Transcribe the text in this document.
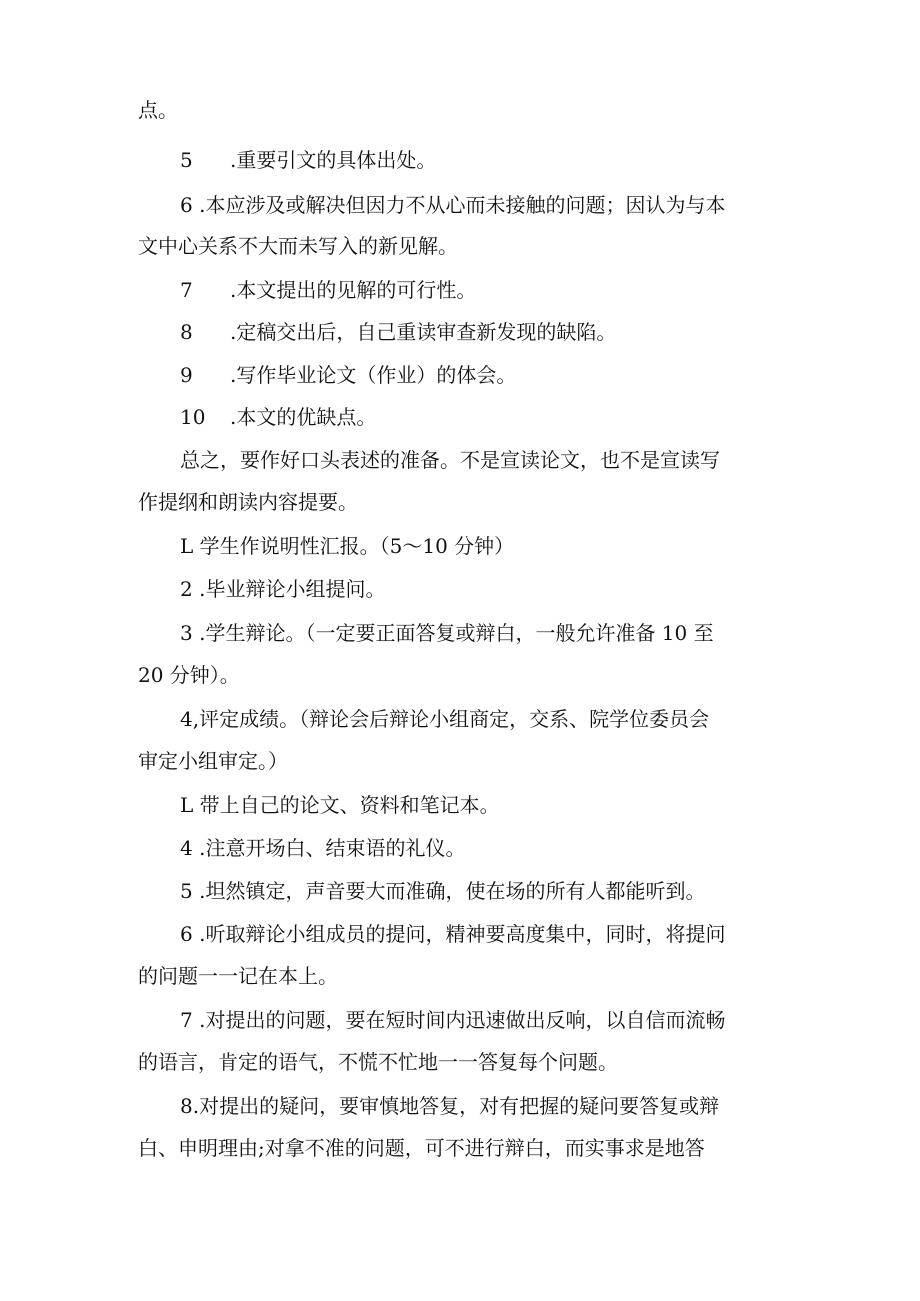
点。
5 .重要引文的具体出处。
6 .本应涉及或解决但因力不从心而未接触的问题；因认为与本
文中心关系不大而未写入的新见解。
7 .本文提出的见解的可行性。
8 .定稿交出后，自己重读审查新发现的缺陷。
9 .写作毕业论文（作业）的体会。
10 .本文的优缺点。
总之，要作好口头表述的准备。不是宣读论文，也不是宣读写
作提纲和朗读内容提要。
L 学生作说明性汇报。（5～10 分钟）
2 .毕业辩论小组提问。
3 .学生辩论。（一定要正面答复或辩白，一般允许准备 10 至
20 分钟）。
4,评定成绩。（辩论会后辩论小组商定，交系、院学位委员会
审定小组审定。）
L 带上自己的论文、资料和笔记本。
4 .注意开场白、结束语的礼仪。
5 .坦然镇定，声音要大而准确，使在场的所有人都能听到。
6 .听取辩论小组成员的提问，精神要高度集中，同时，将提问
的问题一一记在本上。
7 .对提出的问题，要在短时间内迅速做出反响，以自信而流畅
的语言，肯定的语气，不慌不忙地一一答复每个问题。
8.对提出的疑问，要审慎地答复，对有把握的疑问要答复或辩
白、申明理由;对拿不准的问题，可不进行辩白，而实事求是地答
